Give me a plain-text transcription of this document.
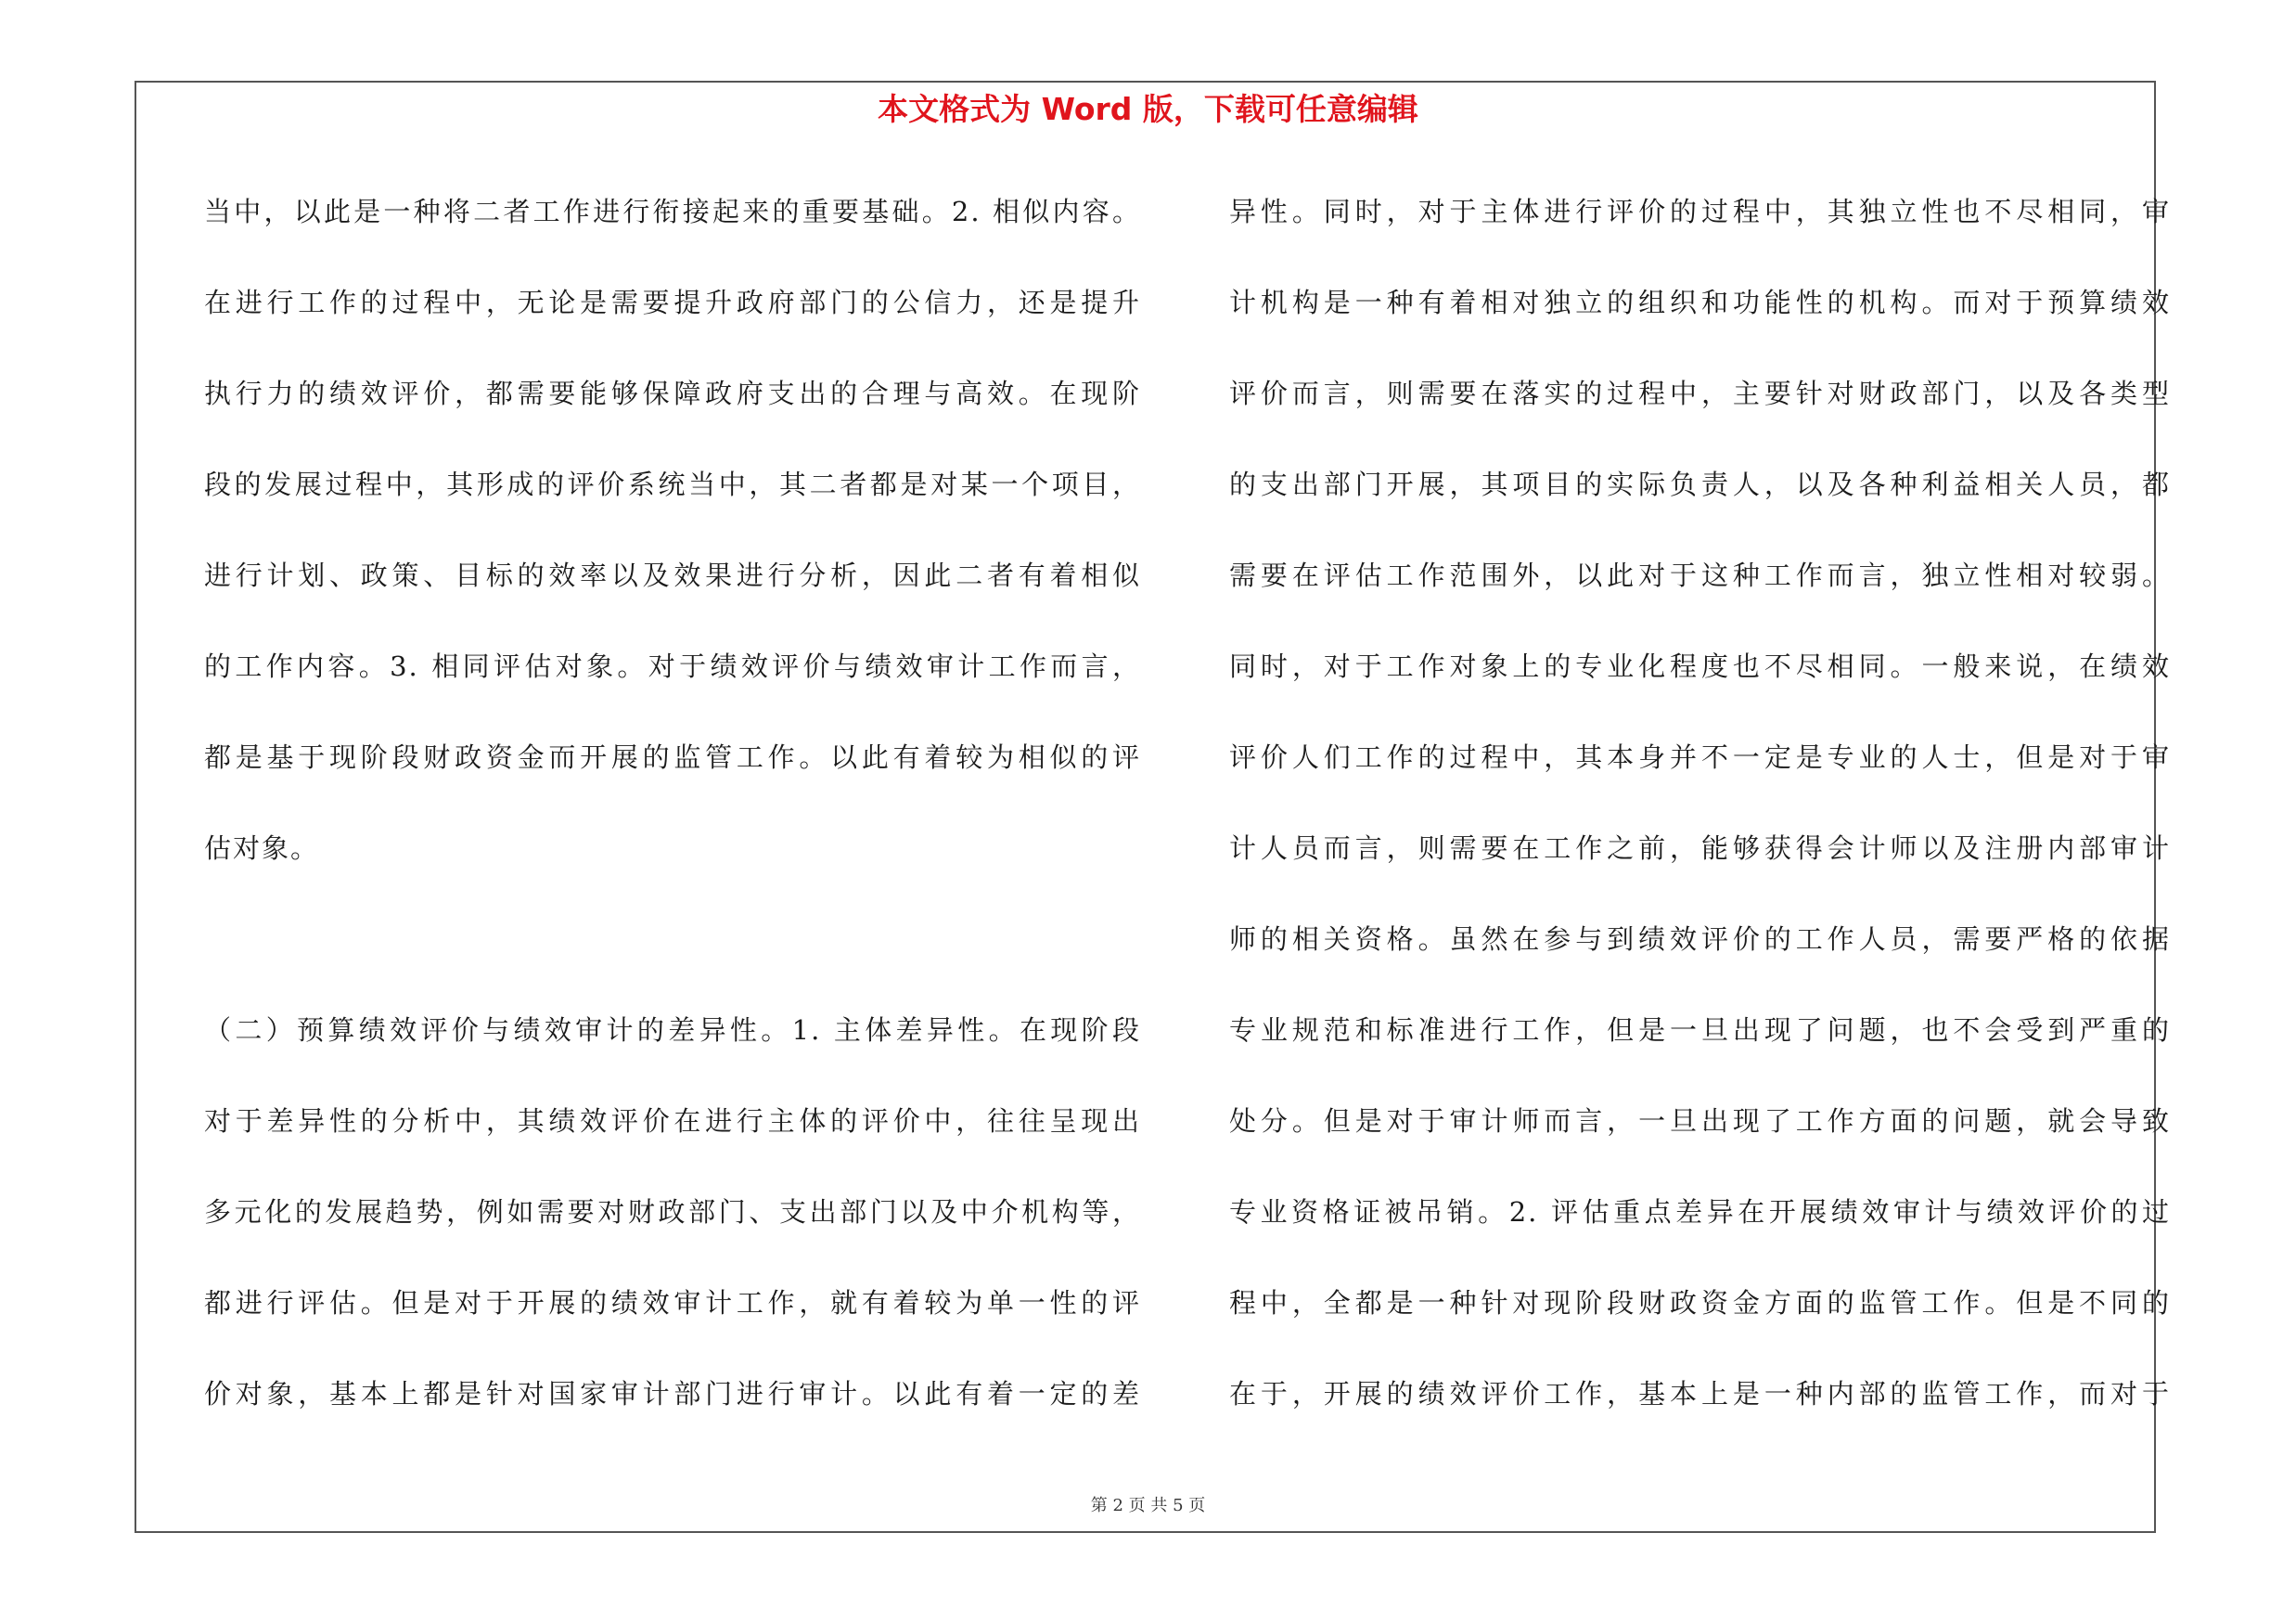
本文格式为 Word 版，下载可任意编辑
当中，以此是一种将二者工作进行衔接起来的重要基础。2. 相似内容。
在进行工作的过程中，无论是需要提升政府部门的公信力，还是提升
执行力的绩效评价，都需要能够保障政府支出的合理与高效。在现阶
段的发展过程中，其形成的评价系统当中，其二者都是对某一个项目，
进行计划、政策、目标的效率以及效果进行分析，因此二者有着相似
的工作内容。3. 相同评估对象。对于绩效评价与绩效审计工作而言，
都是基于现阶段财政资金而开展的监管工作。以此有着较为相似的评
估对象。
（二）预算绩效评价与绩效审计的差异性。1. 主体差异性。在现阶段
对于差异性的分析中，其绩效评价在进行主体的评价中，往往呈现出
多元化的发展趋势，例如需要对财政部门、支出部门以及中介机构等，
都进行评估。但是对于开展的绩效审计工作，就有着较为单一性的评
价对象，基本上都是针对国家审计部门进行审计。以此有着一定的差
异性。同时，对于主体进行评价的过程中，其独立性也不尽相同，审
计机构是一种有着相对独立的组织和功能性的机构。而对于预算绩效
评价而言，则需要在落实的过程中，主要针对财政部门，以及各类型
的支出部门开展，其项目的实际负责人，以及各种利益相关人员，都
需要在评估工作范围外，以此对于这种工作而言，独立性相对较弱。
同时，对于工作对象上的专业化程度也不尽相同。一般来说，在绩效
评价人们工作的过程中，其本身并不一定是专业的人士，但是对于审
计人员而言，则需要在工作之前，能够获得会计师以及注册内部审计
师的相关资格。虽然在参与到绩效评价的工作人员，需要严格的依据
专业规范和标准进行工作，但是一旦出现了问题，也不会受到严重的
处分。但是对于审计师而言，一旦出现了工作方面的问题，就会导致
专业资格证被吊销。2. 评估重点差异在开展绩效审计与绩效评价的过
程中，全都是一种针对现阶段财政资金方面的监管工作。但是不同的
在于，开展的绩效评价工作，基本上是一种内部的监管工作，而对于
第 2 页 共 5 页
